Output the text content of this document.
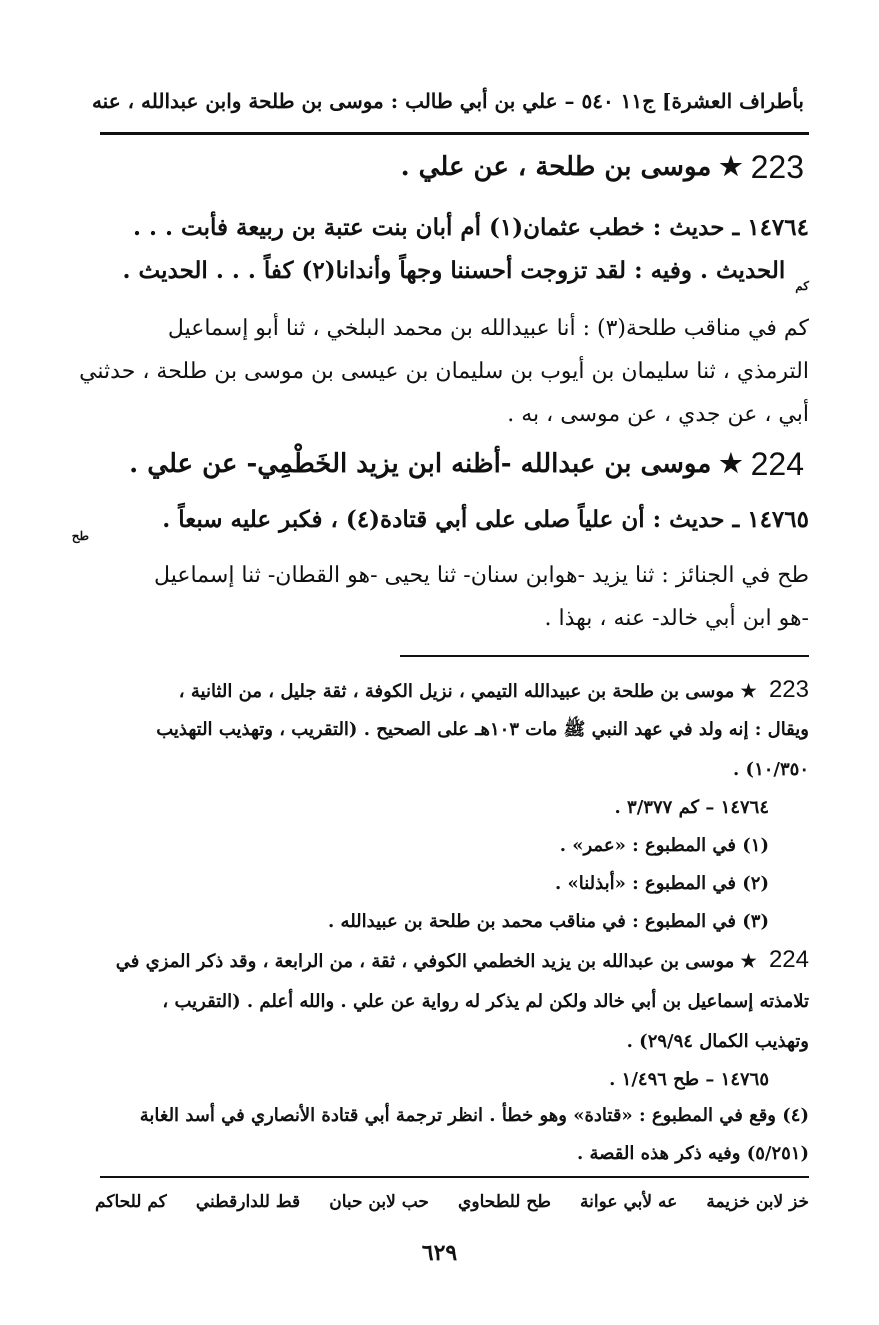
بأطراف العشرة] ج١١ ٥٤٠ – علي بن أبي طالب : موسى بن طلحة وابن عبدالله ، عنه
223
★
موسى بن طلحة ، عن علي .
١٤٧٦٤ ـ حديث : خطب عثمان(١) أم أبان بنت عتبة بن ربيعة فأبت . . .
$_{كم}$ الحديث . وفيه : لقد تزوجت أحسننا وجهاً وأندانا(٢) كفاً . . . الحديث .
كم في مناقب طلحة(٣) : أنا عبيدالله بن محمد البلخي ، ثنا أبو إسماعيل
الترمذي ، ثنا سليمان بن أيوب بن سليمان بن عيسى بن موسى بن طلحة ، حدثني
أبي ، عن جدي ، عن موسى ، به .
224
★
موسى بن عبدالله -أظنه ابن يزيد الخَطْمِي- عن علي .
١٤٧٦٥ ـ حديث : أن علياً صلى على أبي قتادة(٤) ، فكبر عليه سبعاً .
طح
طح في الجنائز : ثنا يزيد -هوابن سنان- ثنا يحيى -هو القطان- ثنا إسماعيل
-هو ابن أبي خالد- عنه ، بهذا .
223 ★ موسى بن طلحة بن عبيدالله التيمي ، نزيل الكوفة ، ثقة جليل ، من الثانية ،
ويقال : إنه ولد في عهد النبي ﷺ مات ١٠٣هـ على الصحيح . (التقريب ، وتهذيب التهذيب
١٠/٣٥٠) .
١٤٧٦٤ – كم ٣/٣٧٧ .
(١) في المطبوع : «عمر» .
(٢) في المطبوع : «أبذلنا» .
(٣) في المطبوع : في مناقب محمد بن طلحة بن عبيدالله .
224 ★ موسى بن عبدالله بن يزيد الخطمي الكوفي ، ثقة ، من الرابعة ، وقد ذكر المزي في
تلامذته إسماعيل بن أبي خالد ولكن لم يذكر له رواية عن علي . والله أعلم . (التقريب ،
وتهذيب الكمال ٢٩/٩٤) .
١٤٧٦٥ – طح ١/٤٩٦ .
(٤) وقع في المطبوع : «قتادة» وهو خطأ . انظر ترجمة أبي قتادة الأنصاري في أسد الغابة
(٥/٢٥١) وفيه ذكر هذه القصة .
خز لابن خزيمة
عه لأبي عوانة
طح للطحاوي
حب لابن حبان
قط للدارقطني
كم للحاكم
٦٢٩
